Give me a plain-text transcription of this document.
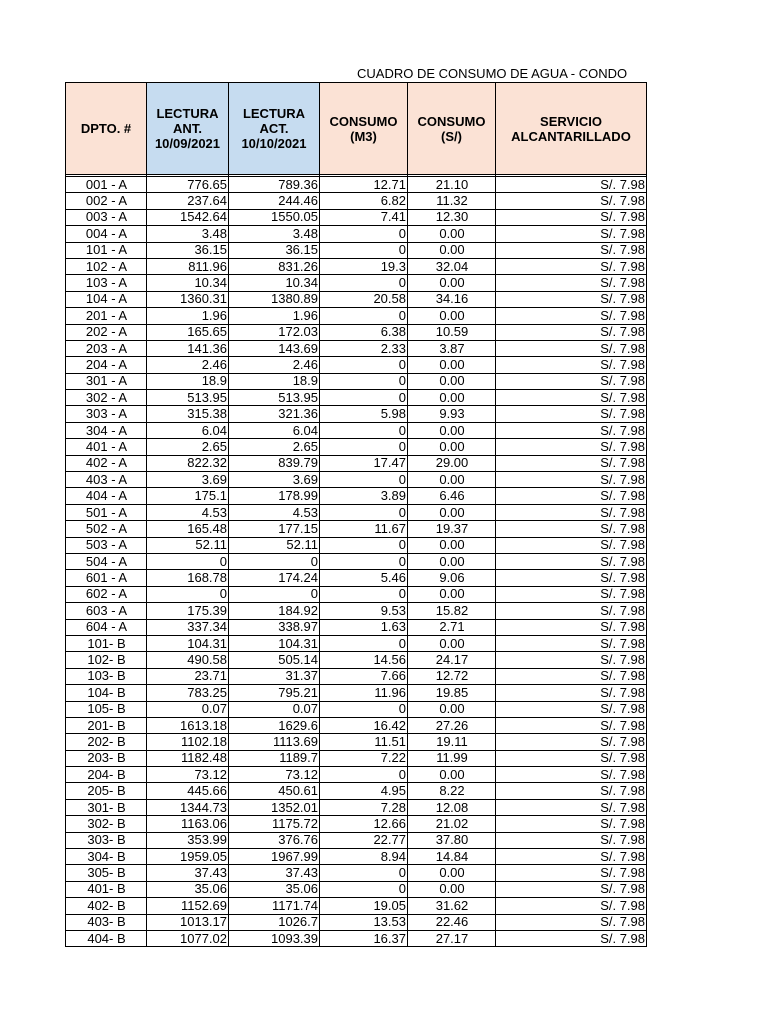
CUADRO DE CONSUMO DE AGUA - CONDO
DPTO. #	LECTURA ANT. 10/09/2021	LECTURA ACT. 10/10/2021	CONSUMO (M3)	CONSUMO (S/)	SERVICIO ALCANTARILLADO

001 - A	776.65	789.36	12.71	21.10	S/. 7.98
002 - A	237.64	244.46	6.82	11.32	S/. 7.98
003 - A	1542.64	1550.05	7.41	12.30	S/. 7.98
004 - A	3.48	3.48	0	0.00	S/. 7.98
101 - A	36.15	36.15	0	0.00	S/. 7.98
102 - A	811.96	831.26	19.3	32.04	S/. 7.98
103 - A	10.34	10.34	0	0.00	S/. 7.98
104 - A	1360.31	1380.89	20.58	34.16	S/. 7.98
201 - A	1.96	1.96	0	0.00	S/. 7.98
202 - A	165.65	172.03	6.38	10.59	S/. 7.98
203 - A	141.36	143.69	2.33	3.87	S/. 7.98
204 - A	2.46	2.46	0	0.00	S/. 7.98
301 - A	18.9	18.9	0	0.00	S/. 7.98
302 - A	513.95	513.95	0	0.00	S/. 7.98
303 - A	315.38	321.36	5.98	9.93	S/. 7.98
304 - A	6.04	6.04	0	0.00	S/. 7.98
401 - A	2.65	2.65	0	0.00	S/. 7.98
402 - A	822.32	839.79	17.47	29.00	S/. 7.98
403 - A	3.69	3.69	0	0.00	S/. 7.98
404 - A	175.1	178.99	3.89	6.46	S/. 7.98
501 - A	4.53	4.53	0	0.00	S/. 7.98
502 - A	165.48	177.15	11.67	19.37	S/. 7.98
503 - A	52.11	52.11	0	0.00	S/. 7.98
504 - A	0	0	0	0.00	S/. 7.98
601 - A	168.78	174.24	5.46	9.06	S/. 7.98
602 - A	0	0	0	0.00	S/. 7.98
603 - A	175.39	184.92	9.53	15.82	S/. 7.98
604 - A	337.34	338.97	1.63	2.71	S/. 7.98
101- B	104.31	104.31	0	0.00	S/. 7.98
102- B	490.58	505.14	14.56	24.17	S/. 7.98
103- B	23.71	31.37	7.66	12.72	S/. 7.98
104- B	783.25	795.21	11.96	19.85	S/. 7.98
105- B	0.07	0.07	0	0.00	S/. 7.98
201- B	1613.18	1629.6	16.42	27.26	S/. 7.98
202- B	1102.18	1113.69	11.51	19.11	S/. 7.98
203- B	1182.48	1189.7	7.22	11.99	S/. 7.98
204- B	73.12	73.12	0	0.00	S/. 7.98
205- B	445.66	450.61	4.95	8.22	S/. 7.98
301- B	1344.73	1352.01	7.28	12.08	S/. 7.98
302- B	1163.06	1175.72	12.66	21.02	S/. 7.98
303- B	353.99	376.76	22.77	37.80	S/. 7.98
304- B	1959.05	1967.99	8.94	14.84	S/. 7.98
305- B	37.43	37.43	0	0.00	S/. 7.98
401- B	35.06	35.06	0	0.00	S/. 7.98
402- B	1152.69	1171.74	19.05	31.62	S/. 7.98
403- B	1013.17	1026.7	13.53	22.46	S/. 7.98
404- B	1077.02	1093.39	16.37	27.17	S/. 7.98
